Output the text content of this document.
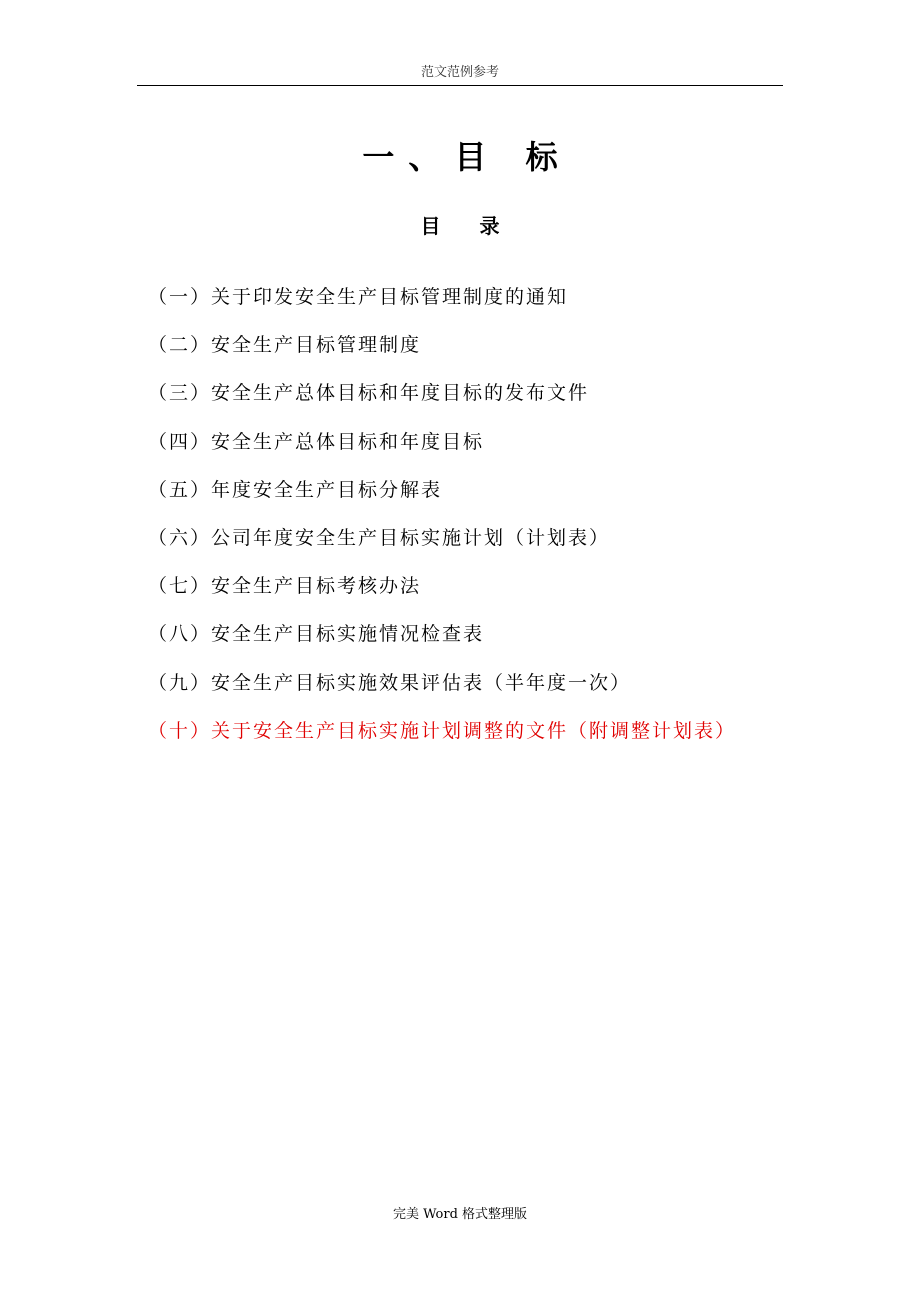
范文范例参考
一、目 标
目 录
（一）关于印发安全生产目标管理制度的通知
（二）安全生产目标管理制度
（三）安全生产总体目标和年度目标的发布文件
（四）安全生产总体目标和年度目标
（五）年度安全生产目标分解表
（六）公司年度安全生产目标实施计划（计划表）
（七）安全生产目标考核办法
（八）安全生产目标实施情况检查表
（九）安全生产目标实施效果评估表（半年度一次）
（十）关于安全生产目标实施计划调整的文件（附调整计划表）
完美 Word 格式整理版
